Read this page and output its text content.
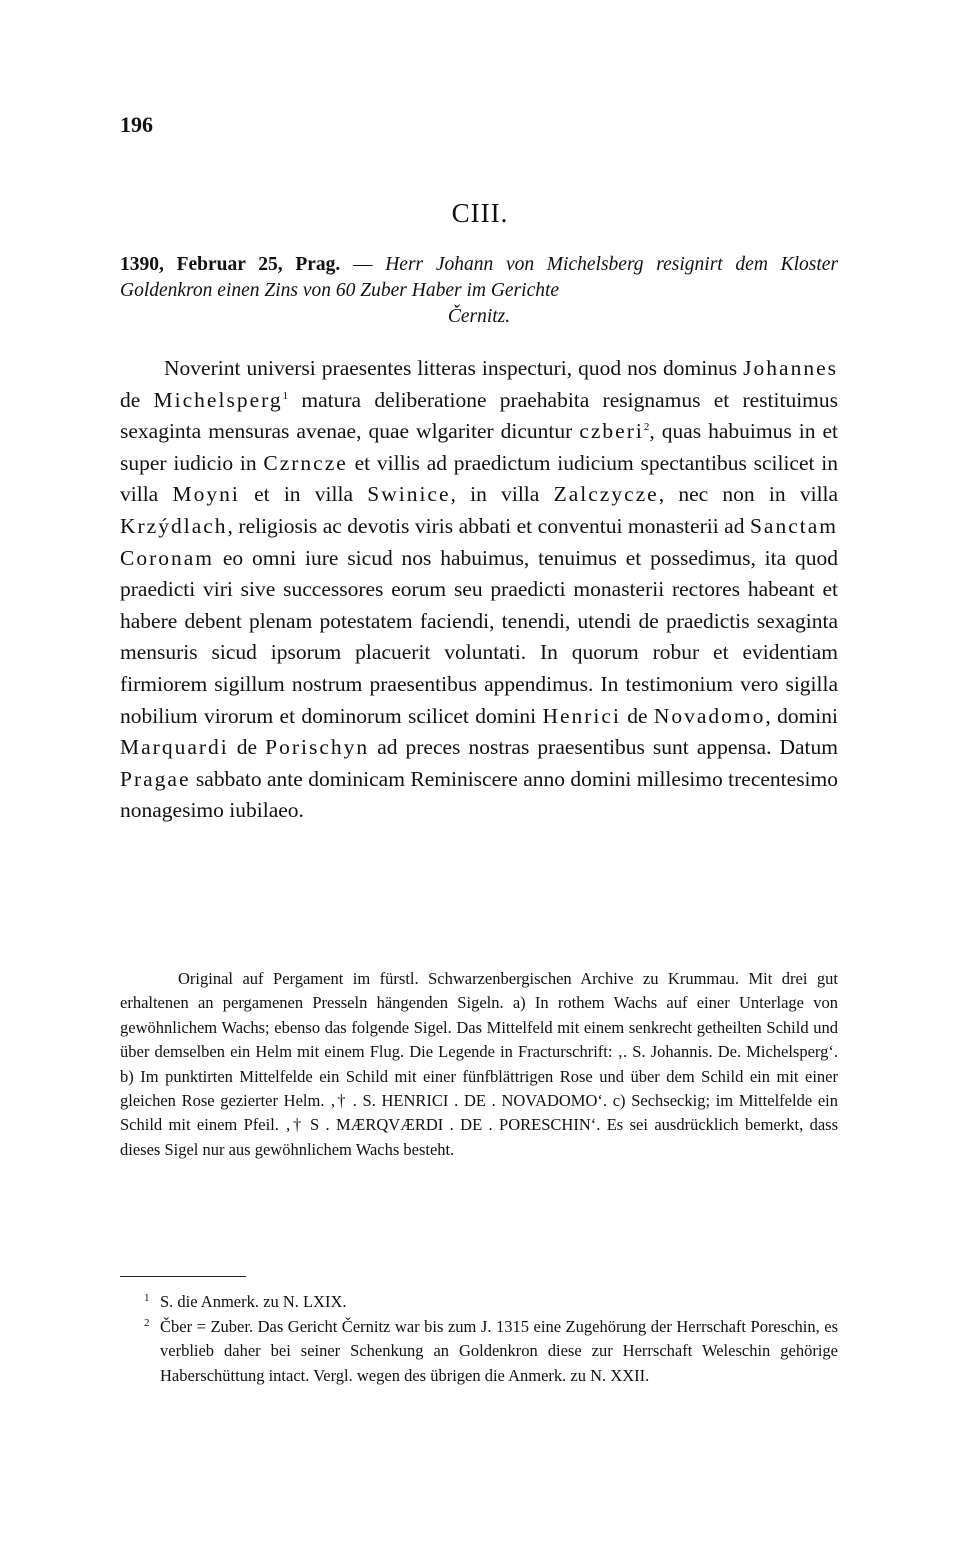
196
CIII.
1390, Februar 25, Prag. — Herr Johann von Michelsberg resignirt dem Kloster Goldenkron einen Zins von 60 Zuber Haber im Gerichte
Černitz.

Noverint universi praesentes litteras inspecturi, quod nos dominus Johannes de Michelsperg$^1$ matura deliberatione praehabita resignamus et restituimus sexaginta mensuras avenae, quae wlgariter dicuntur czberi$^2$, quas habuimus in et super iudicio in Czrncze et villis ad praedictum iudicium spectantibus scilicet in villa Moyni et in villa Swinice, in villa Zalczycze, nec non in villa Krzýdlach, religiosis ac devotis viris abbati et conventui monasterii ad Sanctam Coronam eo omni iure sicud nos habuimus, tenuimus et possedimus, ita quod praedicti viri sive successores eorum seu praedicti monasterii rectores habeant et habere debent plenam potestatem faciendi, tenendi, utendi de praedictis sexaginta mensuris sicud ipsorum placuerit voluntati. In quorum robur et evidentiam firmiorem sigillum nostrum praesentibus appendimus. In testimonium vero sigilla nobilium virorum et dominorum scilicet domini Henrici de Novadomo, domini Marquardi de Porischyn ad preces nostras praesentibus sunt appensa. Datum Pragae sabbato ante dominicam Reminiscere anno domini millesimo trecentesimo nonagesimo iubilaeo.

Original auf Pergament im fürstl. Schwarzenbergischen Archive zu Krummau. Mit drei gut erhaltenen an pergamenen Presseln hängenden Sigeln. a) In rothem Wachs auf einer Unterlage von gewöhnlichem Wachs; ebenso das folgende Sigel. Das Mittelfeld mit einem senkrecht getheilten Schild und über demselben ein Helm mit einem Flug. Die Legende in Fracturschrift: ‚. S. Johannis. De. Michelsperg‘. b) Im punktirten Mittelfelde ein Schild mit einer fünfblättrigen Rose und über dem Schild ein mit einer gleichen Rose gezierter Helm. ‚† . S. HENRICI . DE . NOVADOMO‘. c) Sechseckig; im Mittelfelde ein Schild mit einem Pfeil. ‚† S . MÆRQVÆRDI . DE . PORESCHIN‘. Es sei ausdrücklich bemerkt, dass dieses Sigel nur aus gewöhnlichem Wachs besteht.

1 S. die Anmerk. zu N. LXIX.
2 Čber = Zuber. Das Gericht Černitz war bis zum J. 1315 eine Zugehörung der Herrschaft Poreschin, es verblieb daher bei seiner Schenkung an Goldenkron diese zur Herrschaft Weleschin gehörige Haberschüttung intact. Vergl. wegen des übrigen die Anmerk. zu N. XXII.
